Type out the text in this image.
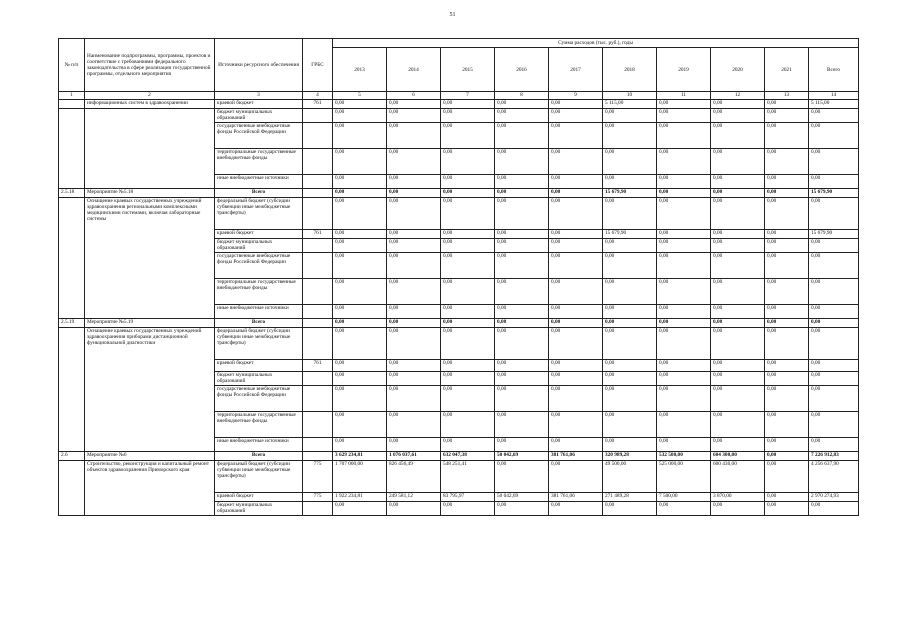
51
№ п/п	Наименование подпрограммы, программы, проектов и соответствие с требованиями федерального законодательства в сфере реализации государственной программы, отдельного мероприятия	Источники ресурсного обеспечения	ГРБС	Сумма расходов (тыс. руб.), годы									
				2013	2014	2015	2016	2017	2018	2019	2020	2021	Всего
1	2	3	4	5	6	7	8	9	10	11	12	13	14
	информационных систем в здравоохранении	краевой бюджет	761	0,00	0,00	0,00	0,00	0,00	5 115,00	0,00	0,00	0,00	5 115,00
		бюджет муниципальных образований		0,00	0,00	0,00	0,00	0,00	0,00	0,00	0,00	0,00	0,00
		государственные внебюджетные фонды Российской Федерации		0,00	0,00	0,00	0,00	0,00	0,00	0,00	0,00	0,00	0,00
		территориальные государственные внебюджетные фонды		0,00	0,00	0,00	0,00	0,00	0,00	0,00	0,00	0,00	0,00
		иные внебюджетные источники		0,00	0,00	0,00	0,00	0,00	0,00	0,00	0,00	0,00	0,00
2.5.18	Мероприятие №5.18	Всего		0,00	0,00	0,00	0,00	0,00	15 679,90	0,00	0,00	0,00	15 679,90
	Оснащение краевых государственных учреждений здравоохранения региональными комплексными медицинскими системами, включая лабораторные системы	федеральный бюджет (субсидии субвенции иные межбюджетные трансферты)		0,00	0,00	0,00	0,00	0,00	0,00	0,00	0,00	0,00	0,00
		краевой бюджет	761	0,00	0,00	0,00	0,00	0,00	15 679,90	0,00	0,00	0,00	15 679,90
		бюджет муниципальных образований		0,00	0,00	0,00	0,00	0,00	0,00	0,00	0,00	0,00	0,00
		государственные внебюджетные фонды Российской Федерации		0,00	0,00	0,00	0,00	0,00	0,00	0,00	0,00	0,00	0,00
		территориальные государственные внебюджетные фонды		0,00	0,00	0,00	0,00	0,00	0,00	0,00	0,00	0,00	0,00
		иные внебюджетные источники		0,00	0,00	0,00	0,00	0,00	0,00	0,00	0,00	0,00	0,00
2.5.19	Мероприятие №5.19	Всего		0,00	0,00	0,00	0,00	0,00	0,00	0,00	0,00	0,00	0,00
	Оснащение краевых государственных учреждений здравоохранения приборами дистанционной функциональной диагностики	федеральный бюджет (субсидии субвенции иные межбюджетные трансферты)		0,00	0,00	0,00	0,00	0,00	0,00	0,00	0,00	0,00	0,00
		краевой бюджет	761	0,00	0,00	0,00	0,00	0,00	0,00	0,00	0,00	0,00	0,00
		бюджет муниципальных образований		0,00	0,00	0,00	0,00	0,00	0,00	0,00	0,00	0,00	0,00
		государственные внебюджетные фонды Российской Федерации		0,00	0,00	0,00	0,00	0,00	0,00	0,00	0,00	0,00	0,00
		территориальные государственные внебюджетные фонды		0,00	0,00	0,00	0,00	0,00	0,00	0,00	0,00	0,00	0,00
		иные внебюджетные источники		0,00	0,00	0,00	0,00	0,00	0,00	0,00	0,00	0,00	0,00
2.6	Мероприятие №6	Всего		3 629 234,81	1 076 037,61	632 047,38	50 042,69	381 761,06	320 989,28	532 500,00	604 300,00	0,00	7 226 912,83
	Строительство, реконструкция и капитальный ремонт объектов здравоохранения Приморского края	федеральный бюджет (субсидии субвенции иные межбюджетные трансферты)	775	1 707 000,00	826 456,49	548 251,41	0,00	0,00	49 500,00	525 000,00	600 430,00	0,00	4 256 637,90
		краевой бюджет	775	1 922 234,81	249 581,12	83 795,97	50 042,69	381 761,06	271 489,28	7 500,00	3 870,00	0,00	2 970 274,93
		бюджет муниципальных образований		0,00	0,00	0,00	0,00	0,00	0,00	0,00	0,00	0,00	0,00
